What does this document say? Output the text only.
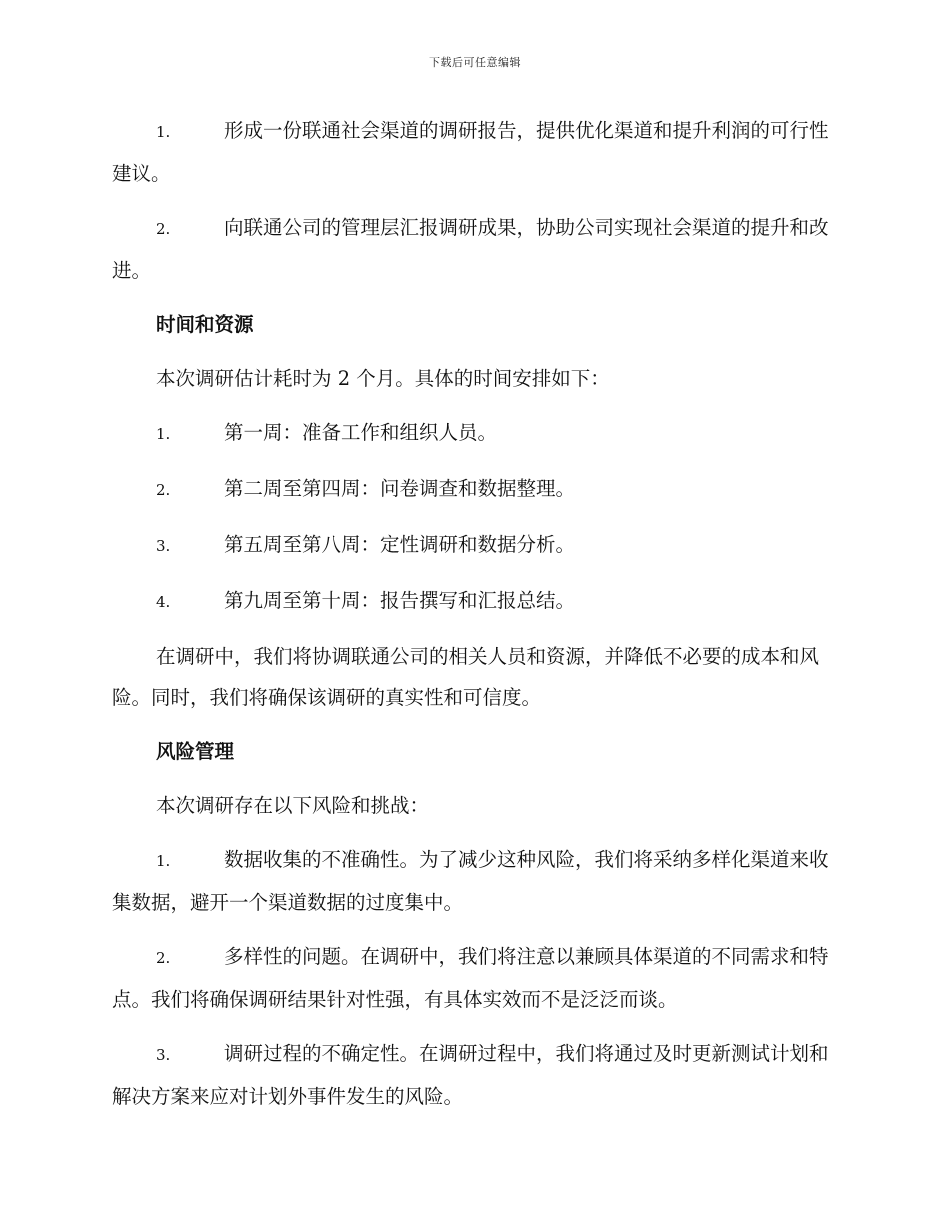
下载后可任意编辑
1.	形成一份联通社会渠道的调研报告，提供优化渠道和提升利润的可行性建议。
2.	向联通公司的管理层汇报调研成果，协助公司实现社会渠道的提升和改进。
时间和资源
本次调研估计耗时为 2 个月。具体的时间安排如下：
1.	第一周：准备工作和组织人员。
2.	第二周至第四周：问卷调查和数据整理。
3.	第五周至第八周：定性调研和数据分析。
4.	第九周至第十周：报告撰写和汇报总结。
在调研中，我们将协调联通公司的相关人员和资源，并降低不必要的成本和风险。同时，我们将确保该调研的真实性和可信度。
风险管理
本次调研存在以下风险和挑战：
1.	数据收集的不准确性。为了减少这种风险，我们将采纳多样化渠道来收集数据，避开一个渠道数据的过度集中。
2.	多样性的问题。在调研中，我们将注意以兼顾具体渠道的不同需求和特点。我们将确保调研结果针对性强，有具体实效而不是泛泛而谈。
3.	调研过程的不确定性。在调研过程中，我们将通过及时更新测试计划和解决方案来应对计划外事件发生的风险。
